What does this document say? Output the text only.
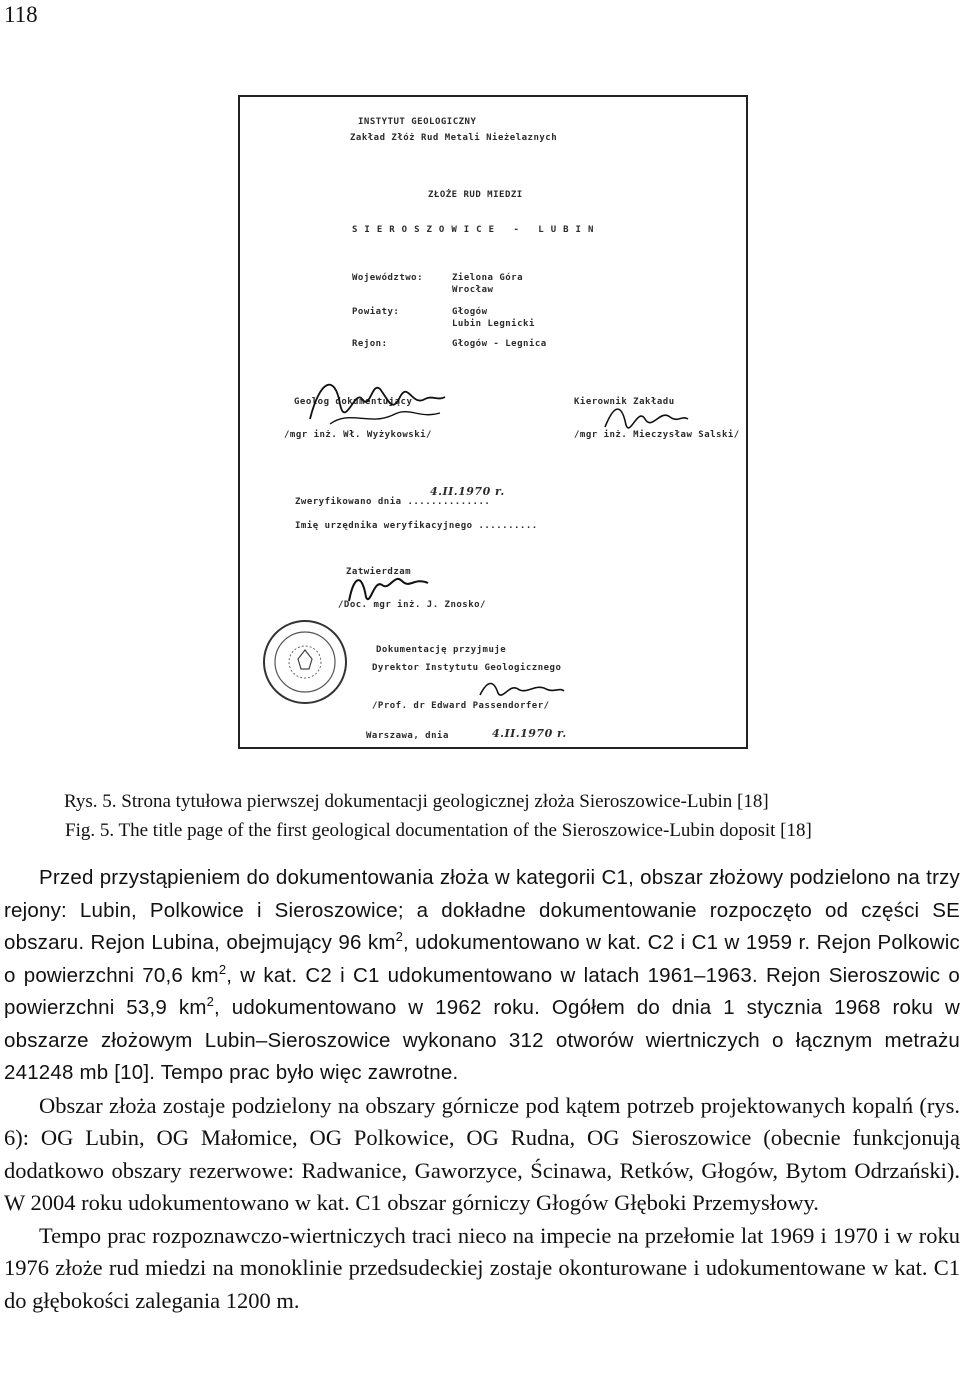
118
INSTYTUT GEOLOGICZNY
Zakład Złóż Rud Metali Nieżelaznych
ZŁOŻE RUD MIEDZI
SIEROSZOWICE - LUBIN
Województwo:	Zielona Góra
Wrocław
Powiaty:	Głogów
Lubin Legnicki
Rejon:	Głogów - Legnica
Geolog dokumentujący
/mgr inż. Wł. Wyżykowski/
Kierownik Zakładu
/mgr inż. Mieczysław Salski/
Zweryfikowano dnia ..............
Imię urzędnika weryfikacyjnego ..........
4.II.1970 r.
Zatwierdzam
/Doc. mgr inż. J. Znosko/
Dokumentację przyjmuje
Dyrektor Instytutu Geologicznego
/Prof. dr Edward Passendorfer/
Warszawa, dnia	4.II.1970 r.
Rys. 5. Strona tytułowa pierwszej dokumentacji geologicznej złoża Sieroszowice-Lubin [18]
Fig. 5. The title page of the first geological documentation of the Sieroszowice-Lubin doposit [18]

Przed przystąpieniem do dokumentowania złoża w kategorii C1, obszar złożowy podzielono na trzy rejony: Lubin, Polkowice i Sieroszowice; a dokładne dokumentowanie rozpoczęto od części SE obszaru. Rejon Lubina, obejmujący 96 $km^2$, udokumentowano w kat. C2 i C1 w 1959 r. Rejon Polkowic o powierzchni 70,6 $km^2$, w kat. C2 i C1 udokumentowano w latach 1961–1963. Rejon Sieroszowic o powierzchni 53,9 $km^2$, udokumentowano w 1962 roku. Ogółem do dnia 1 stycznia 1968 roku w obszarze złożowym Lubin–Sieroszowice wykonano 312 otworów wiertniczych o łącznym metrażu 241248 mb [10]. Tempo prac było więc zawrotne.

Obszar złoża zostaje podzielony na obszary górnicze pod kątem potrzeb projektowanych kopalń (rys. 6): OG Lubin, OG Małomice, OG Polkowice, OG Rudna, OG Sieroszowice (obecnie funkcjonują dodatkowo obszary rezerwowe: Radwanice, Gaworzyce, Ścinawa, Retków, Głogów, Bytom Odrzański). W 2004 roku udokumentowano w kat. C1 obszar górniczy Głogów Głęboki Przemysłowy.

Tempo prac rozpoznawczo-wiertniczych traci nieco na impecie na przełomie lat 1969 i 1970 i w roku 1976 złoże rud miedzi na monoklinie przedsudeckiej zostaje okonturowane i udokumentowane w kat. C1 do głębokości zalegania 1200 m.
